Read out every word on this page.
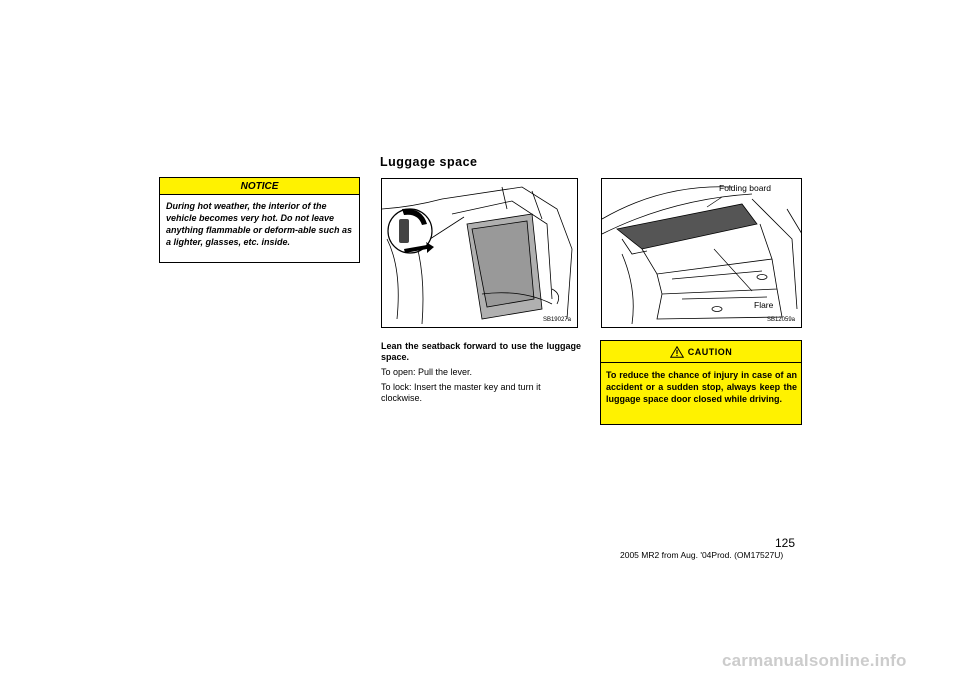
NOTICE
During hot weather, the interior of the vehicle becomes very hot. Do not leave anything flammable or deform-able such as a lighter, glasses, etc. inside.
Luggage space
SB19027a
Folding board
Flare
SB12059a

Lean the seatback forward to use the luggage space.

To open: Pull the lever.

To lock: Insert the master key and turn it clockwise.

CAUTION
To reduce the chance of injury in case of an accident or a sudden stop, always keep the luggage space door closed while driving.
2005 MR2 from Aug. '04Prod. (OM17527U)
125
carmanualsonline.info
